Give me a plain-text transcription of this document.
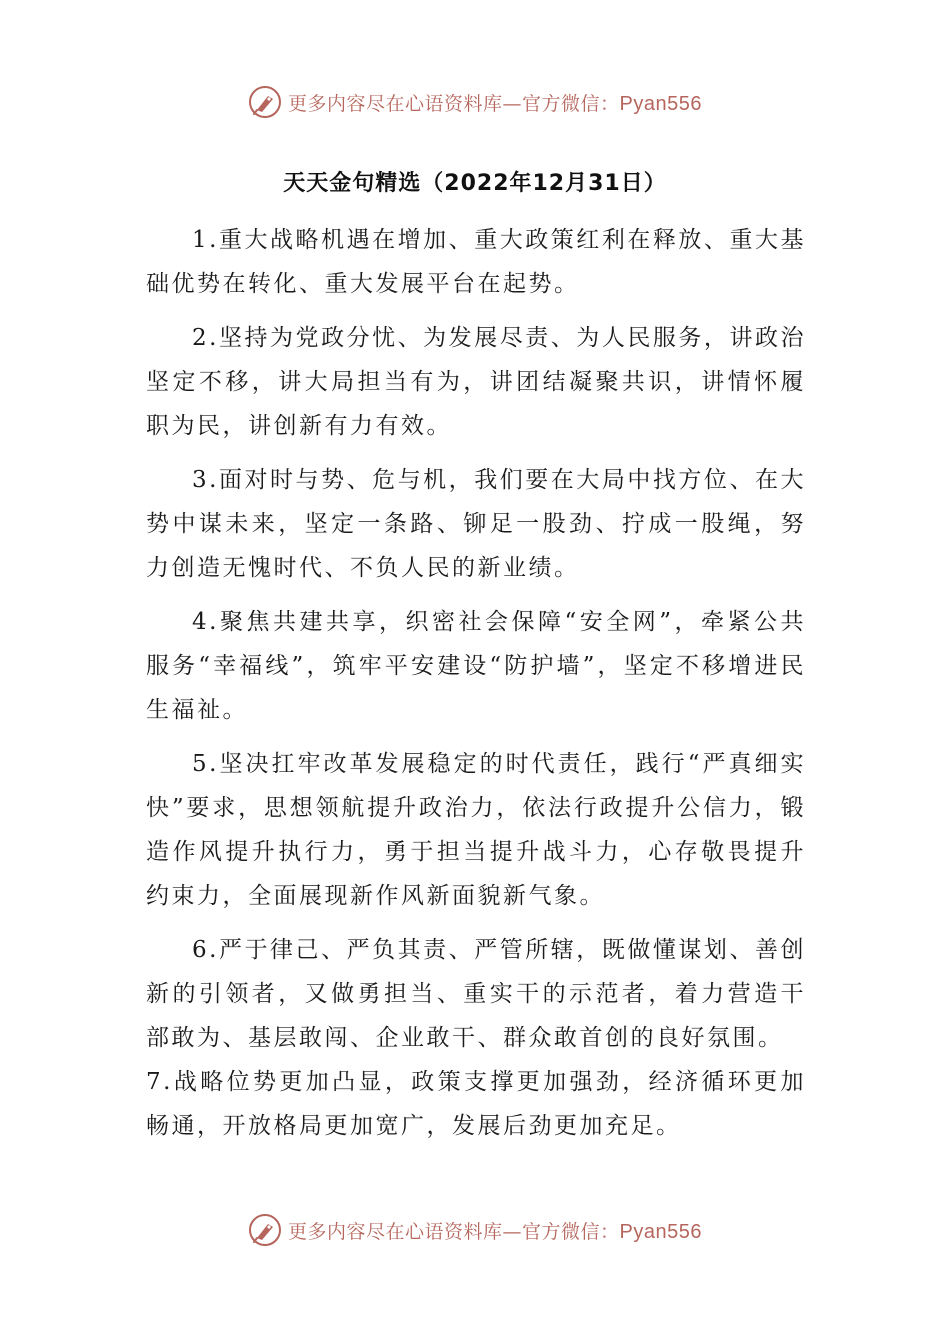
更多内容尽在心语资料库—官方微信：Pyan556
天天金句精选（2022年12月31日）

1.重大战略机遇在增加、重大政策红利在释放、重大基础优势在转化、重大发展平台在起势。

2.坚持为党政分忧、为发展尽责、为人民服务，讲政治坚定不移，讲大局担当有为，讲团结凝聚共识，讲情怀履职为民，讲创新有力有效。

3.面对时与势、危与机，我们要在大局中找方位、在大势中谋未来，坚定一条路、铆足一股劲、拧成一股绳，努力创造无愧时代、不负人民的新业绩。

4.聚焦共建共享，织密社会保障“安全网”，牵紧公共服务“幸福线”，筑牢平安建设“防护墙”，坚定不移增进民生福祉。

5.坚决扛牢改革发展稳定的时代责任，践行“严真细实快”要求，思想领航提升政治力，依法行政提升公信力，锻造作风提升执行力，勇于担当提升战斗力，心存敬畏提升约束力，全面展现新作风新面貌新气象。

6.严于律己、严负其责、严管所辖，既做懂谋划、善创新的引领者，又做勇担当、重实干的示范者，着力营造干部敢为、基层敢闯、企业敢干、群众敢首创的良好氛围。

7.战略位势更加凸显，政策支撑更加强劲，经济循环更加畅通，开放格局更加宽广，发展后劲更加充足。

更多内容尽在心语资料库—官方微信：Pyan556
